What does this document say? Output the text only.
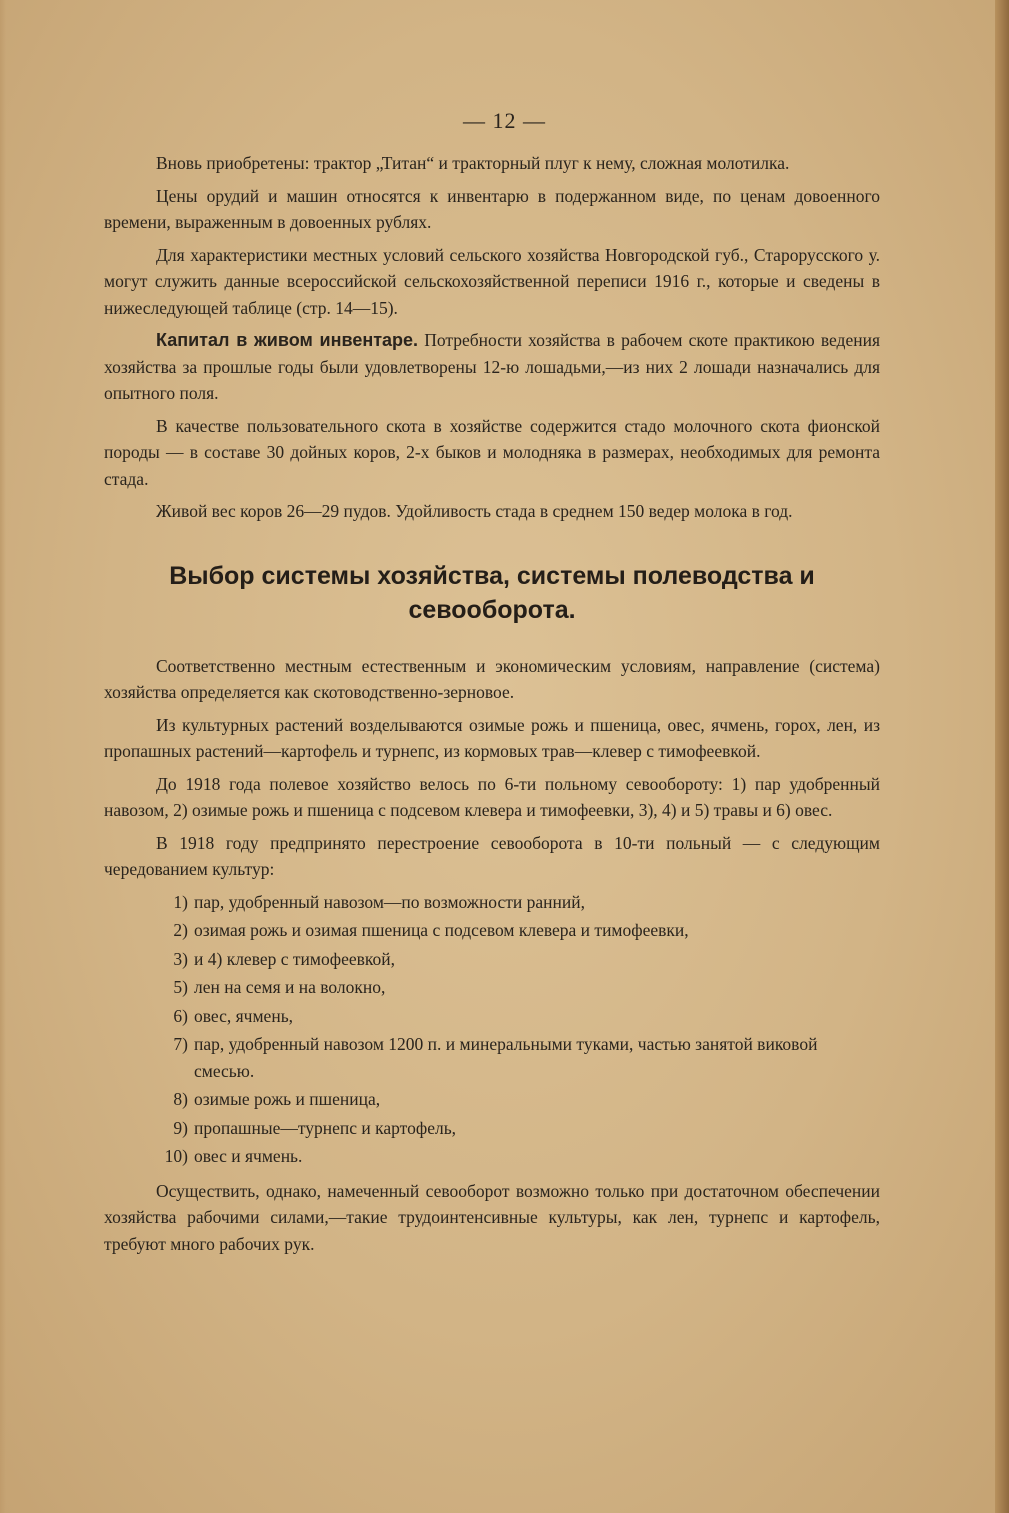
— 12 —

Вновь приобретены: трактор „Титан“ и тракторный плуг к нему, сложная молотилка.

Цены орудий и машин относятся к инвентарю в подержанном виде, по ценам довоенного времени, выраженным в довоенных рублях.

Для характеристики местных условий сельского хозяйства Новгородской губ., Старорусского у. могут служить данные всероссийской сельскохозяйственной переписи 1916 г., которые и сведены в нижеследующей таблице (стр. 14—15).

Капитал в живом инвентаре. Потребности хозяйства в рабочем скоте практикою ведения хозяйства за прошлые годы были удовлетворены 12-ю лошадьми,—из них 2 лошади назначались для опытного поля.

В качестве пользовательного скота в хозяйстве содержится стадо молочного скота фионской породы — в составе 30 дойных коров, 2-х быков и молодняка в размерах, необходимых для ремонта стада.

Живой вес коров 26—29 пудов. Удойливость стада в среднем 150 ведер молока в год.

Выбор системы хозяйства, системы полеводства и севооборота.

Соответственно местным естественным и экономическим условиям, направление (система) хозяйства определяется как скотоводственно-зерновое.

Из культурных растений возделываются озимые рожь и пшеница, овес, ячмень, горох, лен, из пропашных растений—картофель и турнепс, из кормовых трав—клевер с тимофеевкой.

До 1918 года полевое хозяйство велось по 6-ти польному севообороту: 1) пар удобренный навозом, 2) озимые рожь и пшеница с подсевом клевера и тимофеевки, 3), 4) и 5) травы и 6) овес.

В 1918 году предпринято перестроение севооборота в 10-ти польный — с следующим чередованием культур:

1) пар, удобренный навозом—по возможности ранний,
2) озимая рожь и озимая пшеница с подсевом клевера и тимофеевки,
3) и 4) клевер с тимофеевкой,
5) лен на семя и на волокно,
6) овес, ячмень,
7) пар, удобренный навозом 1200 п. и минеральными туками, частью занятой виковой смесью.
8) озимые рожь и пшеница,
9) пропашные—турнепс и картофель,
10) овес и ячмень.

Осуществить, однако, намеченный севооборот возможно только при достаточном обеспечении хозяйства рабочими силами,—такие трудоинтенсивные культуры, как лен, турнепс и картофель, требуют много рабочих рук.
